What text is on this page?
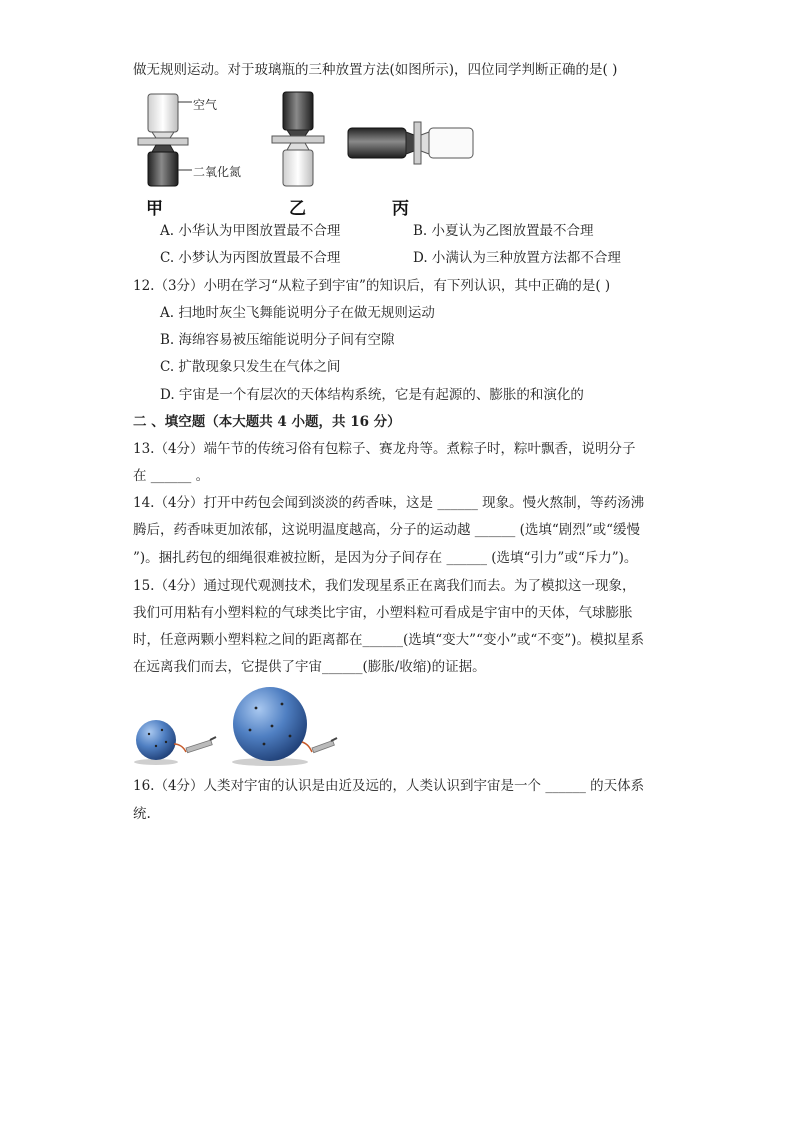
做无规则运动。对于玻璃瓶的三种放置方法(如图所示)，四位同学判断正确的是( )
空气
二氧化氮
甲	乙	丙
A. 小华认为甲图放置最不合理	B. 小夏认为乙图放置最不合理
C. 小梦认为丙图放置最不合理	D. 小满认为三种放置方法都不合理
12.（3分）小明在学习“从粒子到宇宙”的知识后，有下列认识，其中正确的是( )
A. 扫地时灰尘飞舞能说明分子在做无规则运动
B. 海绵容易被压缩能说明分子间有空隙
C. 扩散现象只发生在气体之间
D. 宇宙是一个有层次的天体结构系统，它是有起源的、膨胀的和演化的
二 、填空题（本大题共 4 小题，共 16 分）
13.（4分）端午节的传统习俗有包粽子、赛龙舟等。煮粽子时，粽叶飘香，说明分子
在 ______ 。
14.（4分）打开中药包会闻到淡淡的药香味，这是 ______ 现象。慢火熬制，等药汤沸
腾后，药香味更加浓郁，这说明温度越高，分子的运动越 ______ (选填“剧烈”或“缓慢
”)。捆扎药包的细绳很难被拉断，是因为分子间存在 ______ (选填“引力”或“斥力”)。
15.（4分）通过现代观测技术，我们发现星系正在离我们而去。为了模拟这一现象，
我们可用粘有小塑料粒的气球类比宇宙，小塑料粒可看成是宇宙中的天体，气球膨胀
时，任意两颗小塑料粒之间的距离都在______(选填“变大”“变小”或“不变”)。模拟星系
在远离我们而去，它提供了宇宙______(膨胀/收缩)的证据。
16.（4分）人类对宇宙的认识是由近及远的，人类认识到宇宙是一个 ______ 的天体系
统.
